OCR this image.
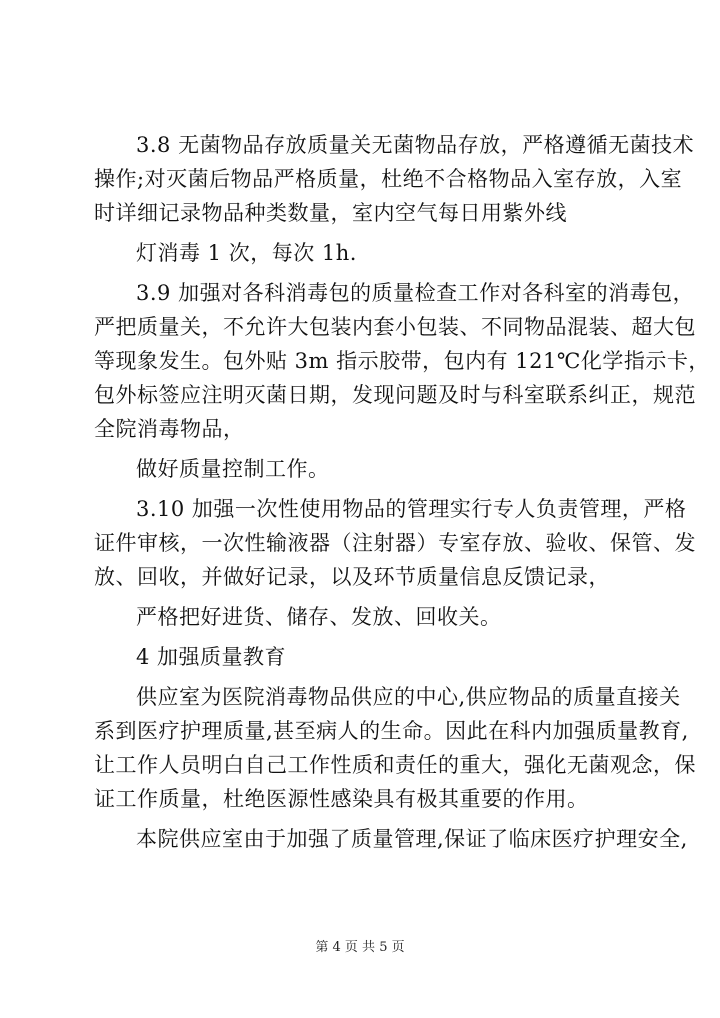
3.8 无菌物品存放质量关无菌物品存放，严格遵循无菌技术
操作;对灭菌后物品严格质量，杜绝不合格物品入室存放，入室
时详细记录物品种类数量，室内空气每日用紫外线
灯消毒 1 次，每次 1h.
3.9 加强对各科消毒包的质量检查工作对各科室的消毒包，
严把质量关，不允许大包装内套小包装、不同物品混装、超大包
等现象发生。包外贴 3m 指示胶带，包内有 121℃化学指示卡，
包外标签应注明灭菌日期，发现问题及时与科室联系纠正，规范
全院消毒物品，
做好质量控制工作。
3.10 加强一次性使用物品的管理实行专人负责管理，严格
证件审核，一次性输液器（注射器）专室存放、验收、保管、发
放、回收，并做好记录，以及环节质量信息反馈记录，
严格把好进货、储存、发放、回收关。
4 加强质量教育
供应室为医院消毒物品供应的中心,供应物品的质量直接关
系到医疗护理质量,甚至病人的生命。因此在科内加强质量教育,
让工作人员明白自己工作性质和责任的重大，强化无菌观念，保
证工作质量，杜绝医源性感染具有极其重要的作用。
本院供应室由于加强了质量管理,保证了临床医疗护理安全,
第 4 页 共 5 页
